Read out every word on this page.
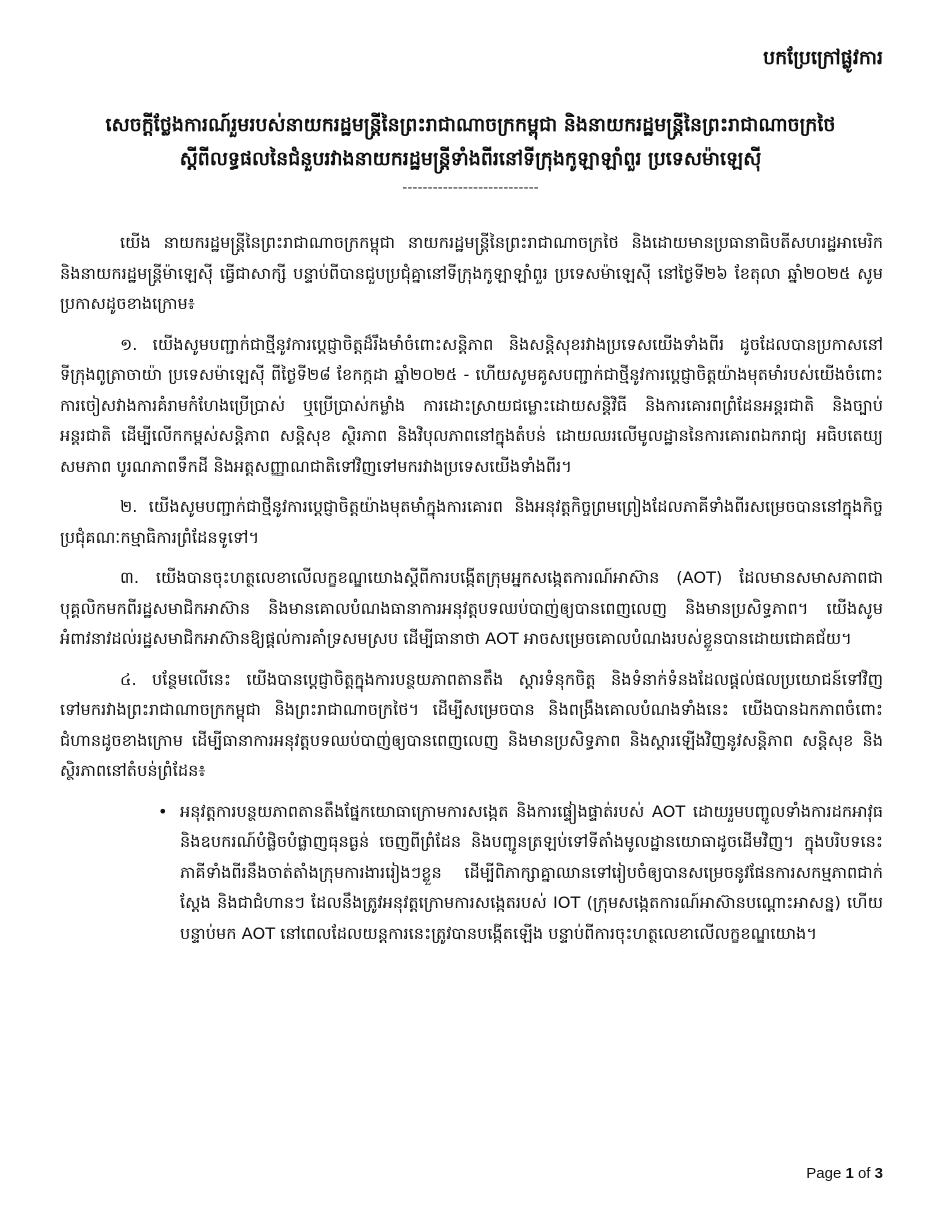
បកប្រែក្រៅផ្លូវការ
សេចក្តីថ្លែងការណ៍រួមរបស់នាយករដ្ឋមន្ត្រីនៃព្រះរាជាណាចក្រកម្ពុជា និងនាយករដ្ឋមន្ត្រីនៃព្រះរាជាណាចក្រថៃ
ស្តីពីលទ្ធផលនៃជំនួបរវាងនាយករដ្ឋមន្ត្រីទាំងពីរនៅទីក្រុងកូឡាឡាំពួរ ប្រទេសម៉ាឡេស៊ី
---------------------------

យើង នាយករដ្ឋមន្ត្រីនៃព្រះរាជាណាចក្រកម្ពុជា នាយករដ្ឋមន្ត្រីនៃព្រះរាជាណាចក្រថៃ និងដោយមានប្រធានាធិបតីសហរដ្ឋអាមេរិក និងនាយករដ្ឋមន្ត្រីម៉ាឡេស៊ី ធ្វើជាសាក្សី បន្ទាប់ពីបានជួបប្រជុំគ្នានៅទីក្រុងកូឡាឡាំពួរ ប្រទេសម៉ាឡេស៊ី នៅថ្ងៃទី២៦ ខែតុលា ឆ្នាំ២០២៥ សូមប្រកាសដូចខាងក្រោម៖

១. យើងសូមបញ្ជាក់ជាថ្មីនូវការប្តេជ្ញាចិត្តដ៏រឹងមាំចំពោះសន្តិភាព និងសន្តិសុខរវាងប្រទេសយើងទាំងពីរ ដូចដែលបានប្រកាសនៅទីក្រុងពូត្រាចាយ៉ា ប្រទេសម៉ាឡេស៊ី ពីថ្ងៃទី២៨ ខែកក្កដា ឆ្នាំ២០២៥ - ហើយសូមគូសបញ្ជាក់ជាថ្មីនូវការប្តេជ្ញាចិត្តយ៉ាងមុតមាំរបស់យើងចំពោះការចៀសវាងការគំរាមកំហែងប្រើប្រាស់ ឬប្រើប្រាស់កម្លាំង ការដោះស្រាយជម្លោះដោយសន្តិវិធី និងការគោរពព្រំដែនអន្តរជាតិ និងច្បាប់អន្តរជាតិ ដើម្បីលើកកម្ពស់សន្តិភាព សន្តិសុខ ស្ថិរភាព និងវិបុលភាពនៅក្នុងតំបន់ ដោយឈរលើមូលដ្ឋាននៃការគោរពឯករាជ្យ អធិបតេយ្យ សមភាព បូរណភាពទឹកដី និងអត្តសញ្ញាណជាតិទៅវិញទៅមករវាងប្រទេសយើងទាំងពីរ។

២. យើងសូមបញ្ជាក់ជាថ្មីនូវការប្តេជ្ញាចិត្តយ៉ាងមុតមាំក្នុងការគោរព និងអនុវត្តកិច្ចព្រមព្រៀងដែលភាគីទាំងពីរសម្រេចបាននៅក្នុងកិច្ចប្រជុំគណៈកម្មាធិការព្រំដែនទូទៅ។

៣. យើងបានចុះហត្ថលេខាលើលក្ខខណ្ឌយោងស្តីពីការបង្កើតក្រុមអ្នកសង្កេតការណ៍អាស៊ាន (AOT) ដែលមានសមាសភាពជាបុគ្គលិកមកពីរដ្ឋសមាជិកអាស៊ាន និងមានគោលបំណងធានាការអនុវត្តបទឈប់បាញ់ឲ្យបានពេញលេញ និងមានប្រសិទ្ធភាព។ យើងសូមអំពាវនាវដល់រដ្ឋសមាជិកអាស៊ានឱ្យផ្តល់ការគាំទ្រសមស្រប ដើម្បីធានាថា AOT អាចសម្រេចគោលបំណងរបស់ខ្លួនបានដោយជោគជ័យ។

៤. បន្ថែមលើនេះ យើងបានប្តេជ្ញាចិត្តក្នុងការបន្ថយភាពតានតឹង ស្តារទំនុកចិត្ត និងទំនាក់ទំនងដែលផ្តល់ផលប្រយោជន៍ទៅវិញទៅមករវាងព្រះរាជាណាចក្រកម្ពុជា និងព្រះរាជាណាចក្រថៃ។ ដើម្បីសម្រេចបាន និងពង្រឹងគោលបំណងទាំងនេះ យើងបានឯកភាពចំពោះជំហានដូចខាងក្រោម ដើម្បីធានាការអនុវត្តបទឈប់បាញ់ឲ្យបានពេញលេញ និងមានប្រសិទ្ធភាព និងស្តារឡើងវិញនូវសន្តិភាព សន្តិសុខ និងស្ថិរភាពនៅតំបន់ព្រំដែន៖

• អនុវត្តការបន្ថយភាពតានតឹងផ្នែកយោធាក្រោមការសង្កេត និងការផ្ទៀងផ្ទាត់របស់ AOT ដោយរួមបញ្ចូលទាំងការដកអាវុធ និងឧបករណ៍បំផ្លិចបំផ្លាញធុនធ្ងន់ ចេញពីព្រំដែន និងបញ្ជូនត្រឡប់ទៅទីតាំងមូលដ្ឋានយោធាដូចដើមវិញ។ ក្នុងបរិបទនេះ ភាគីទាំងពីរនឹងចាត់តាំងក្រុមការងាររៀងៗខ្លួន ដើម្បីពិភាក្សាគ្នាឈានទៅរៀបចំឲ្យបានសម្រេចនូវផែនការសកម្មភាពជាក់ស្តែង និងជាជំហានៗ ដែលនឹងត្រូវអនុវត្តក្រោមការសង្កេតរបស់ IOT (ក្រុមសង្កេតការណ៍អាស៊ានបណ្តោះអាសន្ន) ហើយបន្ទាប់មក AOT នៅពេលដែលយន្តការនេះត្រូវបានបង្កើតឡើង បន្ទាប់ពីការចុះហត្ថលេខាលើលក្ខខណ្ឌយោង។
Page 1 of 3
